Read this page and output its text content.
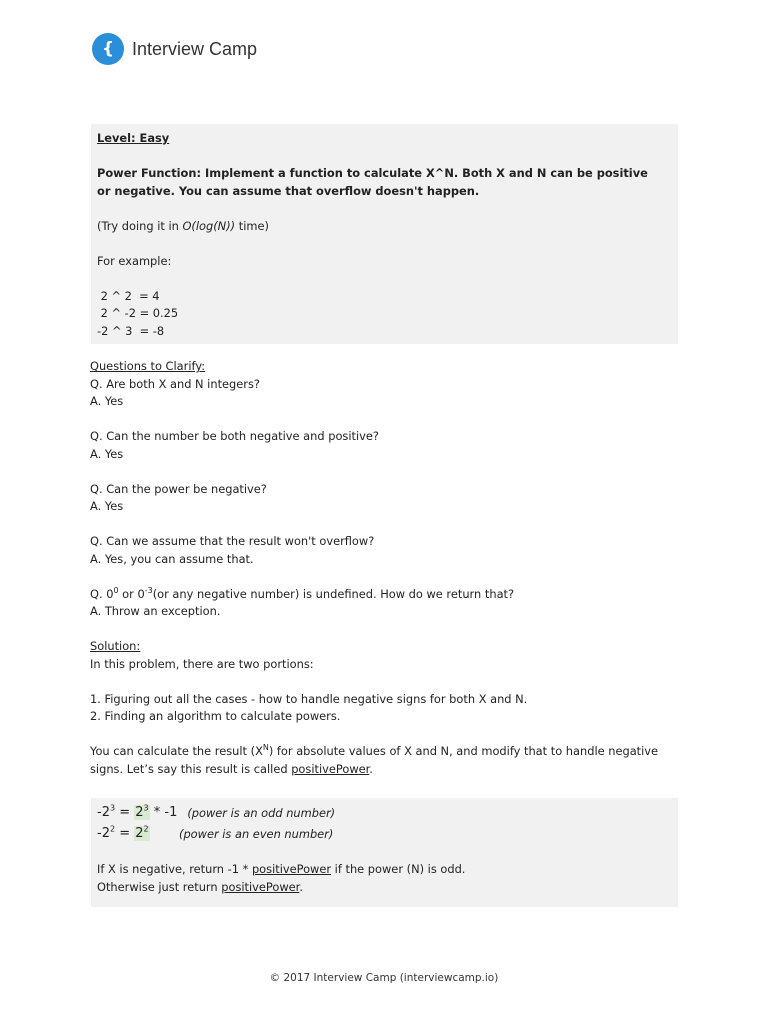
{ Interview Camp
Level: Easy
Power Function: Implement a function to calculate X^N. Both X and N can be positive
or negative. You can assume that overflow doesn't happen.
(Try doing it in O(log(N)) time)
For example:
2 ^ 2  = 4
2 ^ -2 = 0.25
-2 ^ 3  = -8
Questions to Clarify:
Q. Are both X and N integers?
A. Yes
Q. Can the number be both negative and positive?
A. Yes
Q. Can the power be negative?
A. Yes
Q. Can we assume that the result won't overflow?
A. Yes, you can assume that.
Q. $0^0$ or $0^{-3}(or$ any negative number) is undefined. How do we return that?
A. Throw an exception.
Solution:
In this problem, there are two portions:
1. Figuring out all the cases - how to handle negative signs for both X and N.
2. Finding an algorithm to calculate powers.
You can calculate the result $(X^N)$ for absolute values of X and N, and modify that to handle negative
signs. Let’s say this result is called positivePower.
$-2^3 = 2^3 * -1$ (power is an odd number)
$-2^2 = 2^2$	(power is an even number)
If X is negative, return -1 * positivePower if the power (N) is odd.
Otherwise just return positivePower.
© 2017 Interview Camp (interviewcamp.io)
